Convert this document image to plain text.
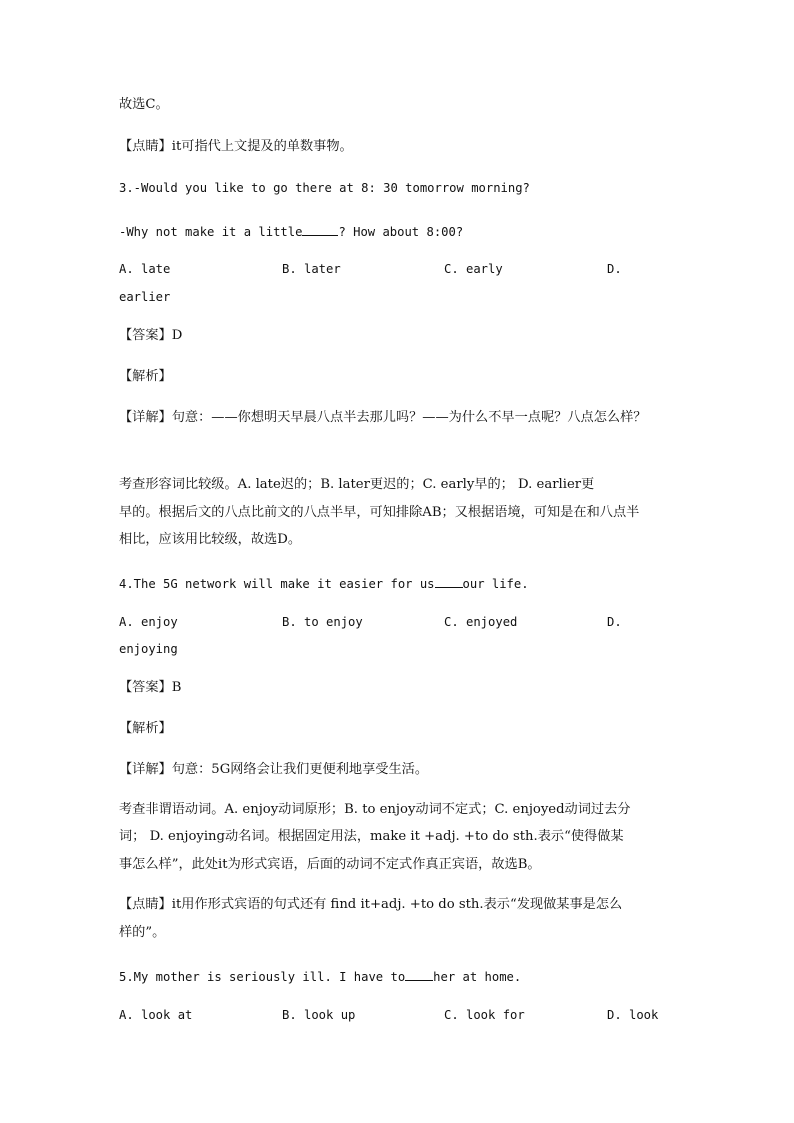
故选C。
【点睛】it可指代上文提及的单数事物。
3.-Would you like to go there at 8: 30 tomorrow morning?
-Why not make it a little	? How about 8:00?
A. late	B. later	C. early	D.
earlier
【答案】D
【解析】
【详解】句意：——你想明天早晨八点半去那儿吗？——为什么不早一点呢？八点怎么样？
考查形容词比较级。A. late迟的；B. later更迟的；C. early早的； D. earlier更
早的。根据后文的八点比前文的八点半早，可知排除AB；又根据语境，可知是在和八点半
相比，应该用比较级，故选D。
4.The 5G network will make it easier for us our life.
A. enjoy	B. to enjoy	C. enjoyed	D.
enjoying
【答案】B
【解析】
【详解】句意：5G网络会让我们更便利地享受生活。
考查非谓语动词。A. enjoy动词原形；B. to enjoy动词不定式；C. enjoyed动词过去分
词； D. enjoying动名词。根据固定用法，make it +adj. +to do sth.表示“使得做某
事怎么样”，此处it为形式宾语，后面的动词不定式作真正宾语，故选B。
【点睛】it用作形式宾语的句式还有 find it+adj. +to do sth.表示“发现做某事是怎么
样的”。
5.My mother is seriously ill. I have to her at home.
A. look at	B. look up	C. look for	D. look
